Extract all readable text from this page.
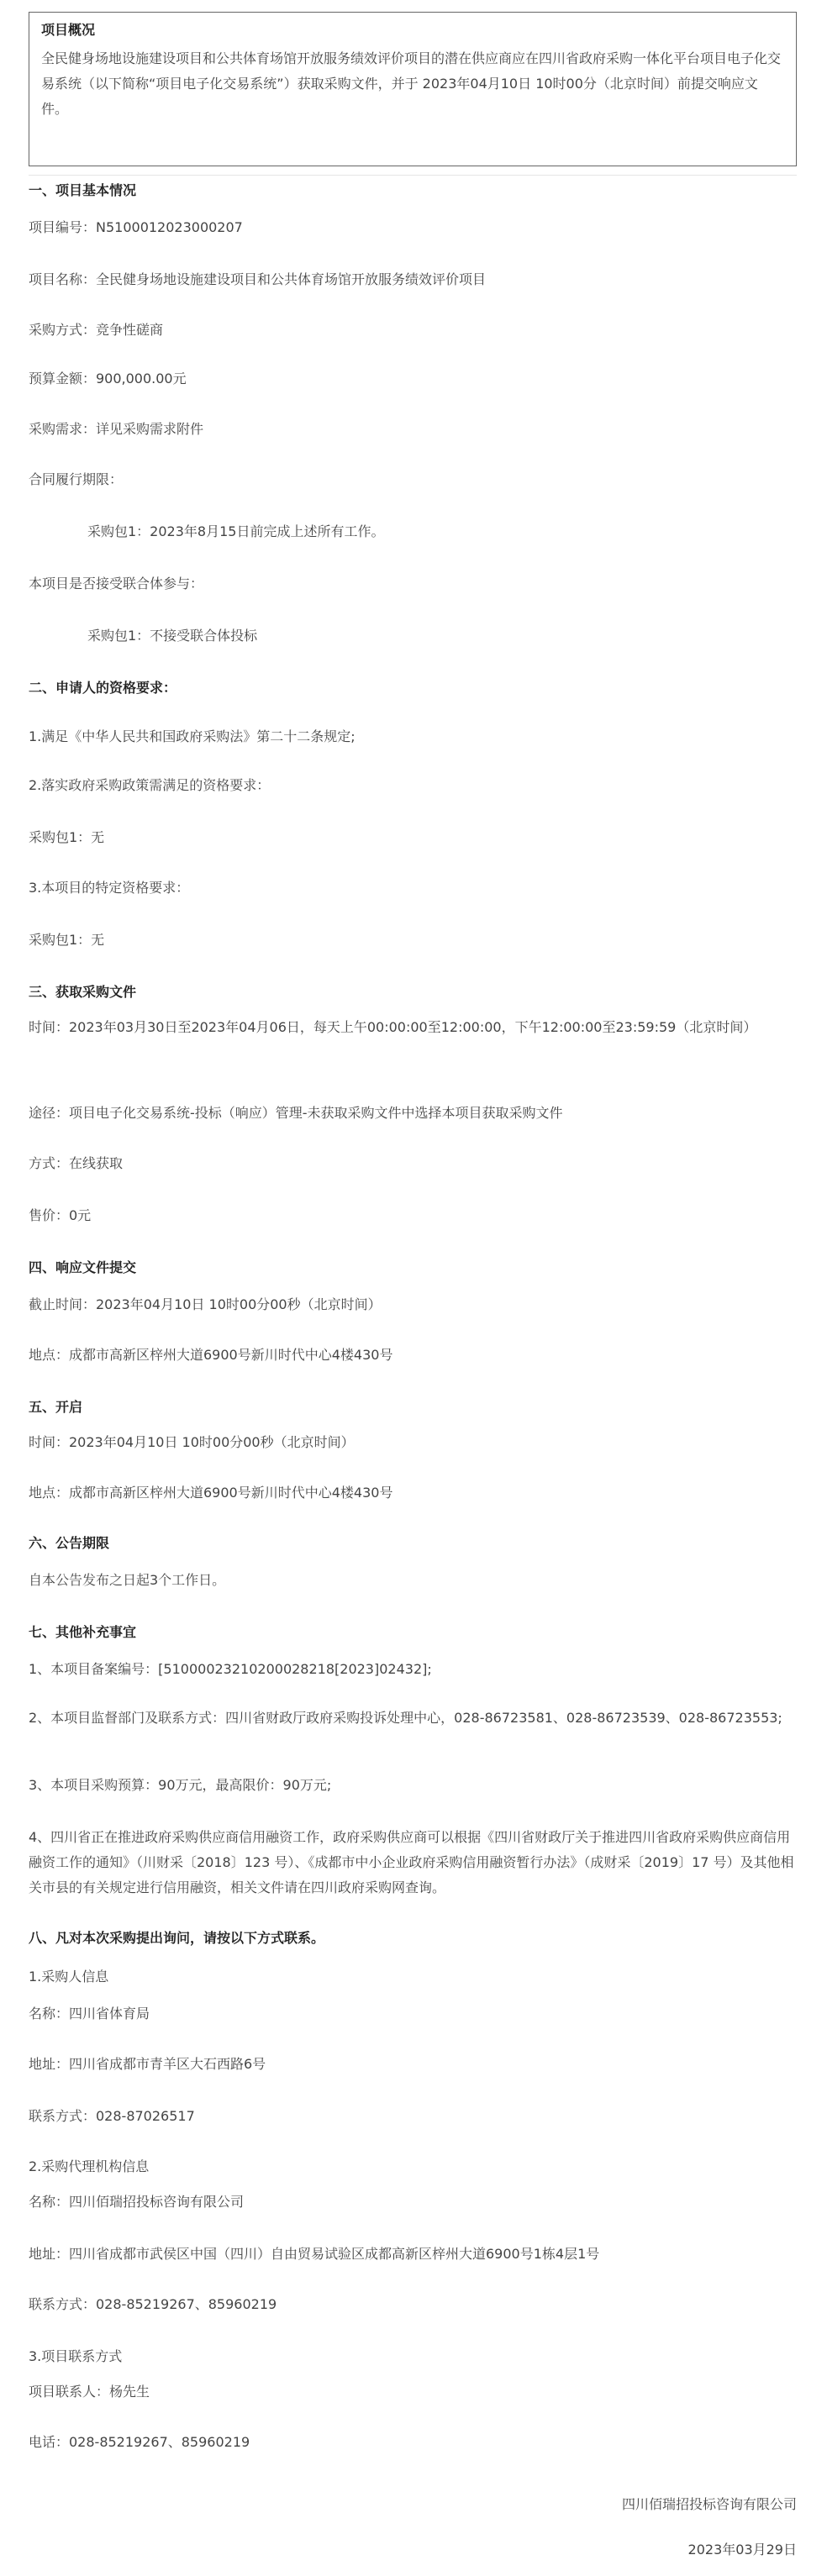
项目概况
全民健身场地设施建设项目和公共体育场馆开放服务绩效评价项目的潜在供应商应在四川省政府采购一体化平台项目电子化交易系统（以下简称“项目电子化交易系统”）获取采购文件，并于 2023年04月10日 10时00分（北京时间）前提交响应文件。
一、项目基本情况
项目编号：N5100012023000207
项目名称：全民健身场地设施建设项目和公共体育场馆开放服务绩效评价项目
采购方式：竞争性磋商
预算金额：900,000.00元
采购需求：详见采购需求附件
合同履行期限：
采购包1：2023年8月15日前完成上述所有工作。
本项目是否接受联合体参与：
采购包1：不接受联合体投标
二、申请人的资格要求：
1.满足《中华人民共和国政府采购法》第二十二条规定;
2.落实政府采购政策需满足的资格要求：
采购包1：无
3.本项目的特定资格要求：
采购包1：无
三、获取采购文件
时间：2023年03月30日至2023年04月06日，每天上午00:00:00至12:00:00，下午12:00:00至23:59:59（北京时间）
途径：项目电子化交易系统-投标（响应）管理-未获取采购文件中选择本项目获取采购文件
方式：在线获取
售价：0元
四、响应文件提交
截止时间：2023年04月10日 10时00分00秒（北京时间）
地点：成都市高新区梓州大道6900号新川时代中心4楼430号
五、开启
时间：2023年04月10日 10时00分00秒（北京时间）
地点：成都市高新区梓州大道6900号新川时代中心4楼430号
六、公告期限
自本公告发布之日起3个工作日。
七、其他补充事宜
1、本项目备案编号：[510000232102000282​18[2023]02432];
2、本项目监督部门及联系方式：四川省财政厅政府采购投诉处理中心，028-86723581、028-86723539、028-86723553;
3、本项目采购预算：90万元，最高限价：90万元;
4、四川省正在推进政府采购供应商信用融资工作，政府采购供应商可以根据《四川省财政厅关于推进四川省政府采购供应商信用融资工作的通知》（川财采〔2018〕123 号）、《成都市中小企业政府采购信用融资暂行办法》（成财采〔2019〕17 号）及其他相关市县的有关规定进行信用融资，相关文件请在四川政府采购网查询。
八、凡对本次采购提出询问，请按以下方式联系。
1.采购人信息
名称：四川省体育局
地址：四川省成都市青羊区大石西路6号
联系方式：028-87026517
2.采购代理机构信息
名称：四川佰瑞招投标咨询有限公司
地址：四川省成都市武侯区中国（四川）自由贸易试验区成都高新区梓州大道6900号1栋4层1号
联系方式：028-85219267、85960219
3.项目联系方式
项目联系人：杨先生
电话：028-85219267、85960219
四川佰瑞招投标咨询有限公司
2023年03月29日
